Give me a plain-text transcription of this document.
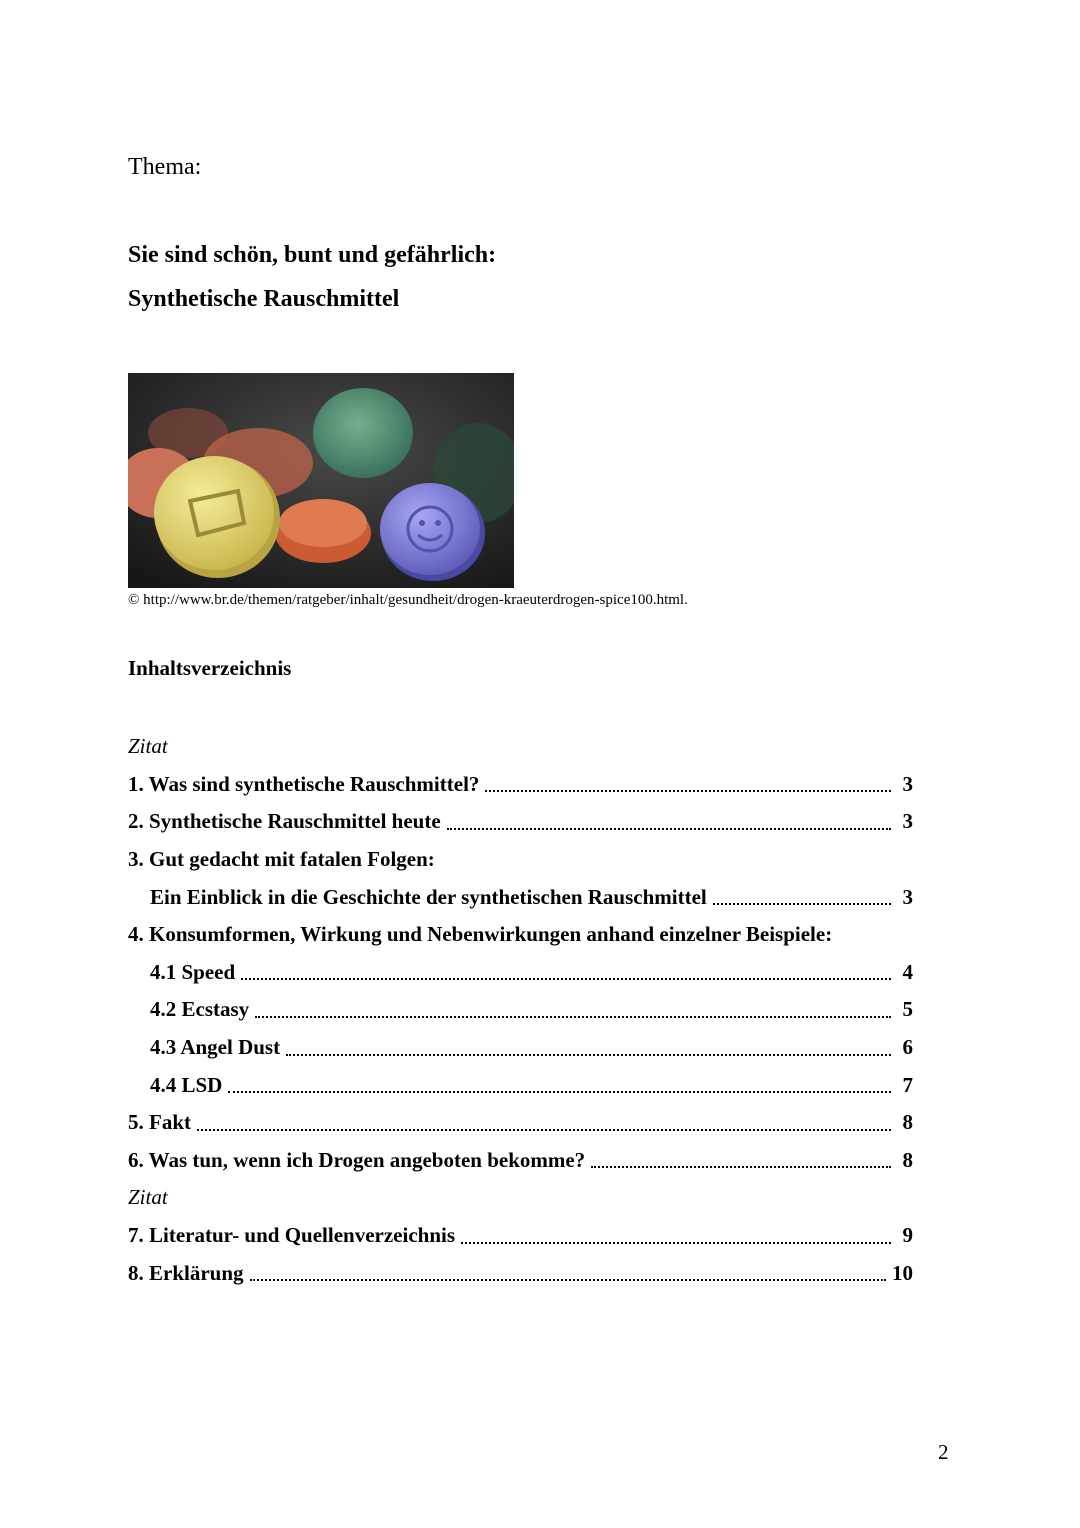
Thema:
Sie sind schön, bunt und gefährlich:
Synthetische Rauschmittel
© http://www.br.de/themen/ratgeber/inhalt/gesundheit/drogen-kraeuterdrogen-spice100.html.
Inhaltsverzeichnis
Zitat
1. Was sind synthetische Rauschmittel?	3
2. Synthetische Rauschmittel heute	3
3. Gut gedacht mit fatalen Folgen:
Ein Einblick in die Geschichte der synthetischen Rauschmittel	3
4. Konsumformen, Wirkung und Nebenwirkungen anhand einzelner Beispiele:
4.1 Speed	4
4.2 Ecstasy	5
4.3 Angel Dust	6
4.4 LSD	7
5. Fakt	8
6. Was tun, wenn ich Drogen angeboten bekomme?	8
Zitat
7. Literatur- und Quellenverzeichnis	9
8. Erklärung	10
2
